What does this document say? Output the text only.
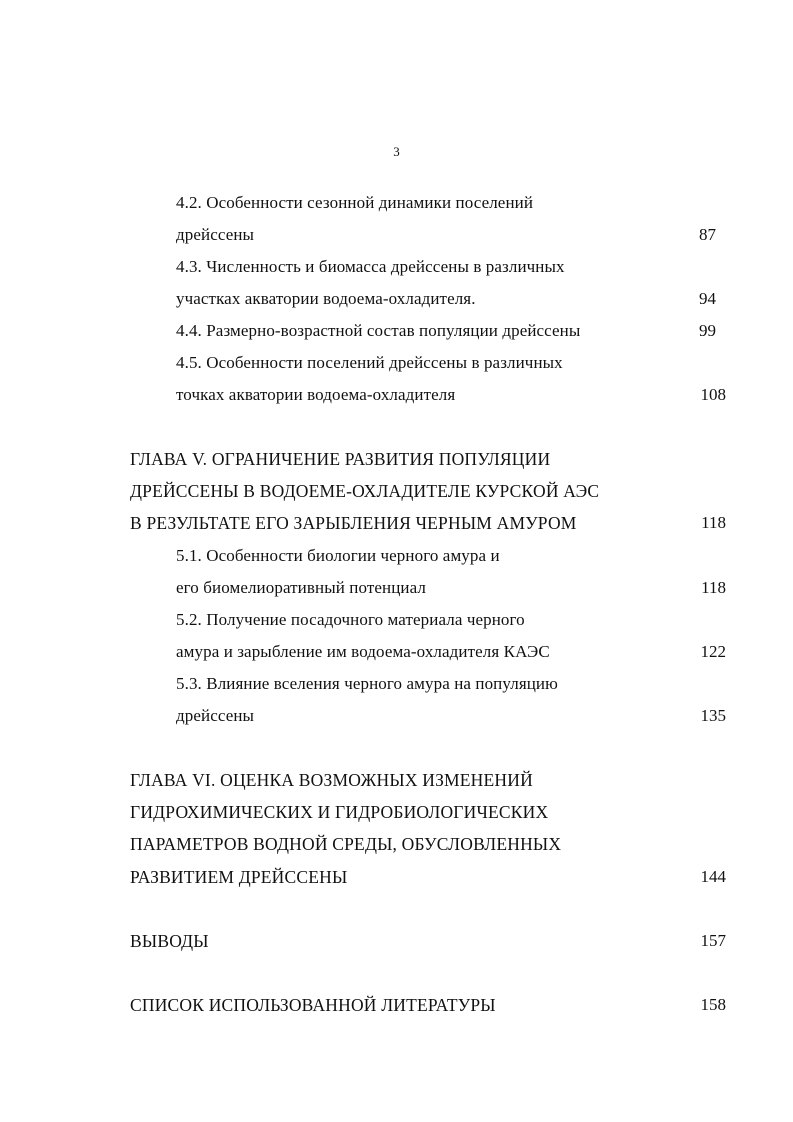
3
4.2. Особенности сезонной динамики поселений
дрейссены	87
4.3. Численность и биомасса дрейссены в различных
участках акватории водоема-охладителя.	94
4.4. Размерно-возрастной состав популяции дрейссены	99
4.5. Особенности поселений дрейссены в различных
точках акватории водоема-охладителя	108
ГЛАВА V. ОГРАНИЧЕНИЕ РАЗВИТИЯ ПОПУЛЯЦИИ
ДРЕЙССЕНЫ В ВОДОЕМЕ-ОХЛАДИТЕЛЕ КУРСКОЙ АЭС
В РЕЗУЛЬТАТЕ ЕГО ЗАРЫБЛЕНИЯ ЧЕРНЫМ АМУРОМ	118
5.1. Особенности биологии черного амура и
его биомелиоративный потенциал	118
5.2. Получение посадочного материала черного
амура и зарыбление им водоема-охладителя КАЭС	122
5.3. Влияние вселения черного амура на популяцию
дрейссены	135
ГЛАВА VI. ОЦЕНКА ВОЗМОЖНЫХ ИЗМЕНЕНИЙ
ГИДРОХИМИЧЕСКИХ И ГИДРОБИОЛОГИЧЕСКИХ
ПАРАМЕТРОВ ВОДНОЙ СРЕДЫ, ОБУСЛОВЛЕННЫХ
РАЗВИТИЕМ ДРЕЙССЕНЫ	144
ВЫВОДЫ	157
СПИСОК ИСПОЛЬЗОВАННОЙ ЛИТЕРАТУРЫ	158
